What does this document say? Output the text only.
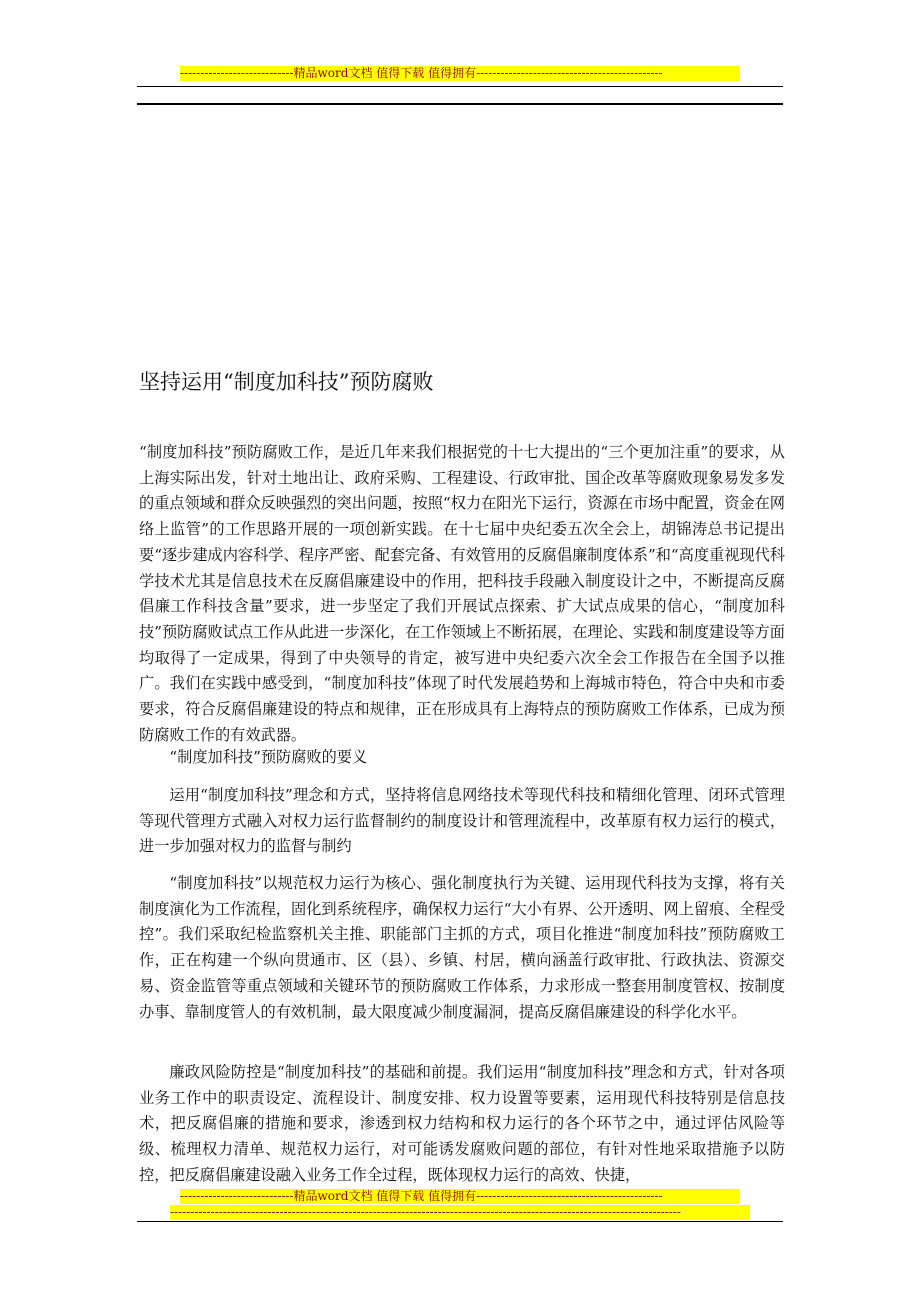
----------------------------精品word文档 值得下载 值得拥有----------------------------------------------
坚持运用“制度加科技”预防腐败

“制度加科技”预防腐败工作，是近几年来我们根据党的十七大提出的“三个更加注重”的要求，从上海实际出发，针对土地出让、政府采购、工程建设、行政审批、国企改革等腐败现象易发多发的重点领域和群众反映强烈的突出问题，按照“权力在阳光下运行，资源在市场中配置，资金在网络上监管”的工作思路开展的一项创新实践。在十七届中央纪委五次全会上，胡锦涛总书记提出要“逐步建成内容科学、程序严密、配套完备、有效管用的反腐倡廉制度体系”和“高度重视现代科学技术尤其是信息技术在反腐倡廉建设中的作用，把科技手段融入制度设计之中，不断提高反腐倡廉工作科技含量”要求，进一步坚定了我们开展试点探索、扩大试点成果的信心，“制度加科技”预防腐败试点工作从此进一步深化，在工作领域上不断拓展，在理论、实践和制度建设等方面均取得了一定成果，得到了中央领导的肯定，被写进中央纪委六次全会工作报告在全国予以推广。我们在实践中感受到，“制度加科技”体现了时代发展趋势和上海城市特色，符合中央和市委要求，符合反腐倡廉建设的特点和规律，正在形成具有上海特点的预防腐败工作体系，已成为预防腐败工作的有效武器。

“制度加科技”预防腐败的要义

运用“制度加科技”理念和方式，坚持将信息网络技术等现代科技和精细化管理、闭环式管理等现代管理方式融入对权力运行监督制约的制度设计和管理流程中，改革原有权力运行的模式，进一步加强对权力的监督与制约

“制度加科技”以规范权力运行为核心、强化制度执行为关键、运用现代科技为支撑，将有关制度演化为工作流程，固化到系统程序，确保权力运行“大小有界、公开透明、网上留痕、全程受控”。我们采取纪检监察机关主推、职能部门主抓的方式，项目化推进“制度加科技”预防腐败工作，正在构建一个纵向贯通市、区（县）、乡镇、村居，横向涵盖行政审批、行政执法、资源交易、资金监管等重点领域和关键环节的预防腐败工作体系，力求形成一整套用制度管权、按制度办事、靠制度管人的有效机制，最大限度减少制度漏洞，提高反腐倡廉建设的科学化水平。

廉政风险防控是“制度加科技”的基础和前提。我们运用“制度加科技”理念和方式，针对各项业务工作中的职责设定、流程设计、制度安排、权力设置等要素，运用现代科技特别是信息技术，把反腐倡廉的措施和要求，渗透到权力结构和权力运行的各个环节之中，通过评估风险等级、梳理权力清单、规范权力运行，对可能诱发腐败问题的部位，有针对性地采取措施予以防控，把反腐倡廉建设融入业务工作全过程，既体现权力运行的高效、快捷，

----------------------------精品word文档 值得下载 值得拥有----------------------------------------------
------------------------------------------------------------------------------------------------------------------------------
